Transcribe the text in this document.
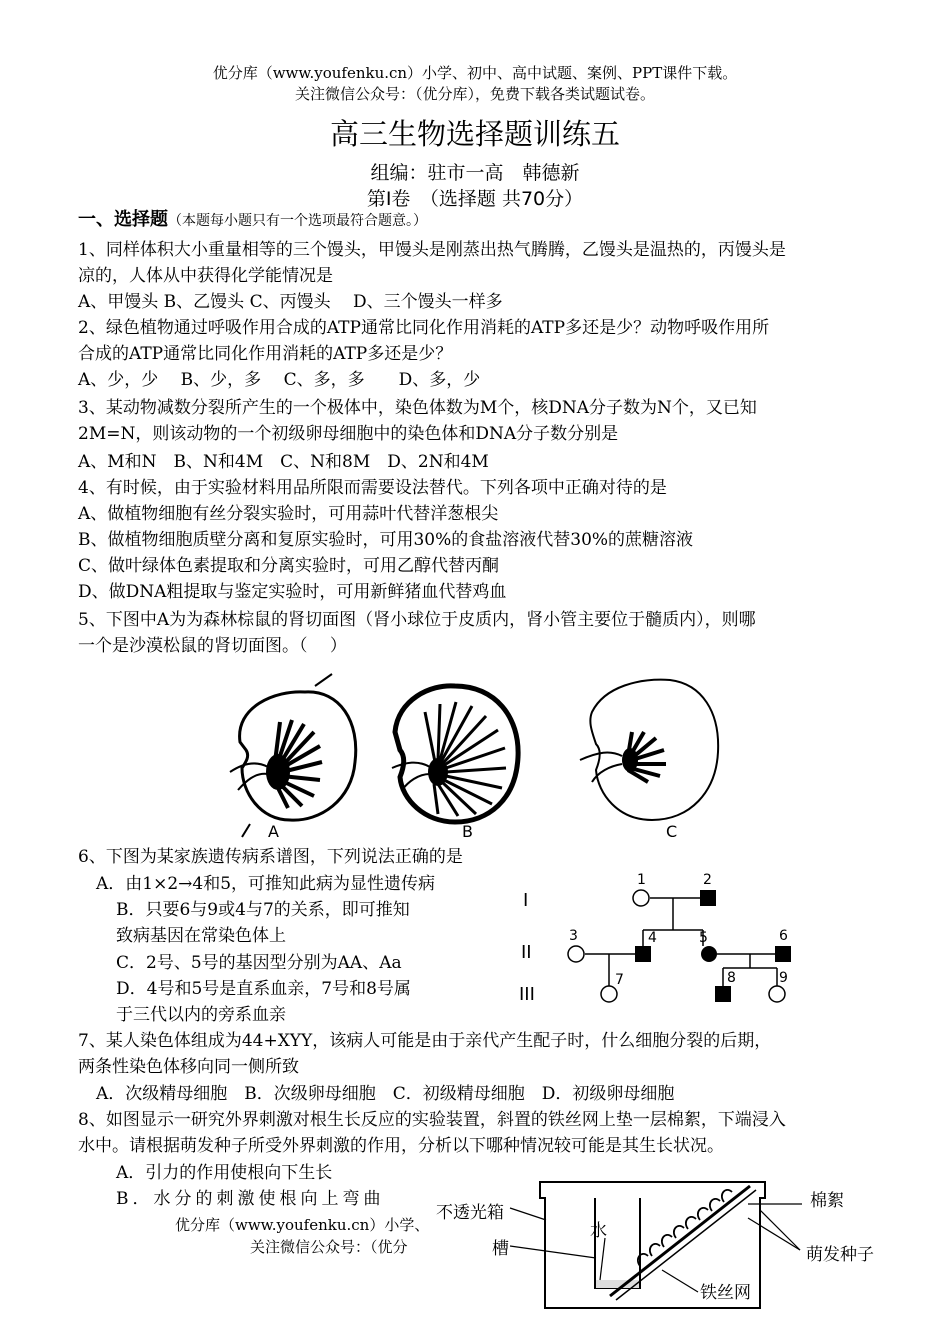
优分库（www.youfenku.cn）小学、初中、高中试题、案例、PPT课件下载。
关注微信公众号：（优分库），免费下载各类试题试卷。
高三生物选择题训练五
组编：驻市一高　韩德新
第Ⅰ卷　（选择题 共70分）
一、选择题（本题每小题只有一个选项最符合题意。）
1、同样体积大小重量相等的三个馒头，甲馒头是刚蒸出热气腾腾，乙馒头是温热的，丙馒头是
凉的，人体从中获得化学能情况是
A、甲馒头 B、乙馒头 C、丙馒头　 D、三个馒头一样多
2、绿色植物通过呼吸作用合成的ATP通常比同化作用消耗的ATP多还是少？动物呼吸作用所
合成的ATP通常比同化作用消耗的ATP多还是少？
A、少，少　 B、少，多　 C、多，多　　D、多，少
3、某动物减数分裂所产生的一个极体中，染色体数为M个，核DNA分子数为N个，又已知
2M=N，则该动物的一个初级卵母细胞中的染色体和DNA分子数分别是
A、M和N　B、N和4M　C、N和8M　D、2N和4M
4、有时候，由于实验材料用品所限而需要设法替代。下列各项中正确对待的是
A、做植物细胞有丝分裂实验时，可用蒜叶代替洋葱根尖
B、做植物细胞质壁分离和复原实验时，可用30%的食盐溶液代替30%的蔗糖溶液
C、做叶绿体色素提取和分离实验时，可用乙醇代替丙酮
D、做DNA粗提取与鉴定实验时，可用新鲜猪血代替鸡血
5、下图中A为为森林棕鼠的肾切面图（肾小球位于皮质内，肾小管主要位于髓质内），则哪
一个是沙漠松鼠的肾切面图。（　 ）
A	B	C
6、下图为某家族遗传病系谱图，下列说法正确的是
A．由1×2→4和5，可推知此病为显性遗传病
B．只要6与9或4与7的关系，即可推知
致病基因在常染色体上
C．2号、5号的基因型分别为AA、Aa
D．4号和5号是直系血亲，7号和8号属
于三代以内的旁系血亲
I
II
III
1	2
3	4	5	6
7	8	9
7、某人染色体组成为44+XYY，该病人可能是由于亲代产生配子时，什么细胞分裂的后期，
两条性染色体移向同一侧所致
A．次级精母细胞　B．次级卵母细胞　C．初级精母细胞　D．初级卵母细胞
8、如图显示一研究外界刺激对根生长反应的实验装置，斜置的铁丝网上垫一层棉絮，下端浸入
水中。请根据萌发种子所受外界刺激的作用，分析以下哪种情况较可能是其生长状况。
A．引力的作用使根向下生长
B．水分的刺激使根向上弯曲
不透光箱
槽
水
棉絮
萌发种子
铁丝网
优分库（www.youfenku.cn）小学、
关注微信公众号：（优分
